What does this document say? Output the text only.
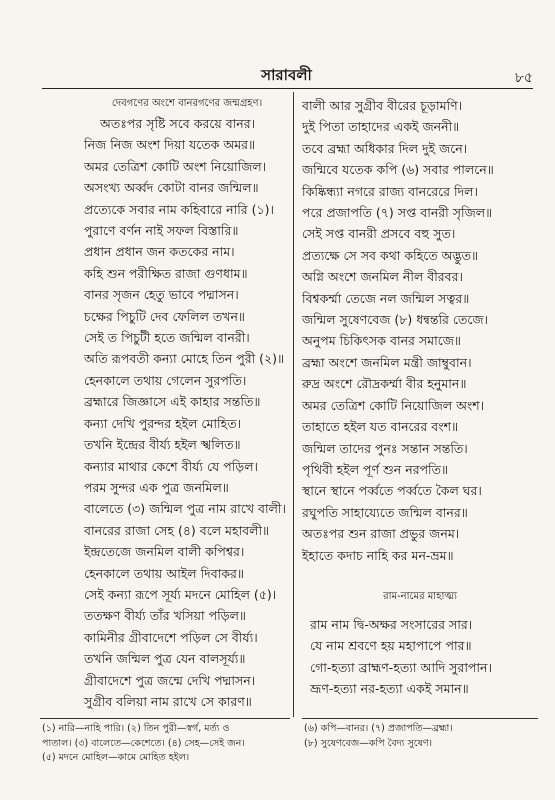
সারাবলী	৮৫
দেবগণের অংশে বানরগণের জন্মগ্রহণ।
অতঃপর সৃষ্টি সবে করয়ে বানর।
নিজ নিজ অংশ দিয়া যতেক অমর॥
অমর তেত্রিশ কোটি অংশ নিয়োজিল।
অসংখ্য অর্ব্বদ কোটা বানর জন্মিল॥
প্রত্যেকে সবার নাম কহিবারে নারি (১)।
পুরাণে বর্ণন নাই সফল বিস্তারি॥
প্রধান প্রধান জন কতকের নাম।
কহি শুন পরীক্ষিত রাজা গুণধাম॥
বানর সৃজন হেতু ভাবে পদ্মাসন।
চক্ষের পিচুটি দেব ফেলিল তখন॥
সেই ত পিচুটী হতে জন্মিল বানরী।
অতি রূপবতী কন্যা মোহে তিন পুরী (২)॥
হেনকালে তথায় গেলেন সুরপতি।
ব্রহ্মারে জিজ্ঞাসে এই কাহার সন্ততি॥
কন্যা দেখি পুরন্দর হইল মোহিত।
তখনি ইন্দ্রের বীর্য্য হইল স্খলিত॥
কন্যার মাথার কেশে বীর্য্য যে পড়িল।
পরম সুন্দর এক পুত্র জনমিল॥
বালেতে (৩) জন্মিল পুত্র নাম রাখে বালী।
বানরের রাজা সেহ (৪) বলে মহাবলী॥
ইন্দ্রতেজে জনমিল বালী কপিশ্বর।
হেনকালে তথায় আইল দিবাকর॥
সেই কন্যা রূপে সূর্য্য মদনে মোহিল (৫)।
ততক্ষণ বীর্য্য তাঁর খসিয়া পড়িল॥
কামিনীর গ্রীবাদেশে পড়িল সে বীর্য্য।
তখনি জন্মিল পুত্র যেন বালসূর্য্য॥
গ্রীবাদেশে পুত্র জন্মে দেখি পদ্মাসন।
সুগ্রীব বলিয়া নাম রাখে সে কারণ॥
বালী আর সুগ্রীব বীরের চূড়ামণি।
দুই পিতা তাহাদের একই জননী॥
তবে ব্রহ্মা অধিকার দিল দুই জনে।
জন্মিবে যতেক কপি (৬) সবার পালনে॥
কিষ্কিন্ধ্যা নগরে রাজ্য বানরেরে দিল।
পরে প্রজাপতি (৭) সপ্ত বানরী সৃজিল॥
সেই সপ্ত বানরী প্রসবে বহু সুত।
প্রত্যক্ষে সে সব কথা কহিতে অদ্ভুত॥
অগ্নি অংশে জনমিল নীল বীরবর।
বিশ্বকর্ম্মা তেজে নল জন্মিল সত্বর॥
জন্মিল সুষেণবেজ (৮) ধন্বন্তরি তেজে।
অনুপম চিকিৎসক বানর সমাজে॥
ব্রহ্মা অংশে জনমিল মন্ত্রী জাম্বুবান।
রুদ্র অংশে রৌদ্রকর্ম্মা বীর হনুমান॥
অমর তেত্রিশ কোটি নিয়োজিল অংশ।
তাহাতে হইল যত বানরের বংশ॥
জন্মিল তাদের পুনঃ সন্তান সন্ততি।
পৃথিবী হইল পূর্ণ শুন নরপতি॥
স্থানে স্থানে পর্ব্বতে পর্ব্বতে কৈল ঘর।
রঘুপতি সাহায্যেতে জন্মিল বানর॥
অতঃপর শুন রাজা প্রভুর জনম।
ইহাতে কদাচ নাহি কর মন-ভ্রম॥
রাম-নামের মাহাত্ম্য
রাম নাম দ্বি-অক্ষর সংসারের সার।
যে নাম শ্রবণে হয় মহাপাপে পার॥
গো-হত্যা ব্রাহ্মণ-হত্যা আদি সুরাপান।
ভ্রূণ-হত্যা নর-হত্যা একই সমান॥
(১) নারি—নাহি পারি। (২) তিন পুরী—স্বর্গ, মর্ত্য ও
পাতাল। (৩) বালেতে—কেশেতে। (৪) সেহ—সেই জন।
(৫) মদনে মোহিল—কামে মোহিত হইল।
(৬) কপি—বানর। (৭) প্রজাপতি—ব্রহ্মা।
(৮) সুষেণবেজ—কপি বৈদ্য সুষেণ।
